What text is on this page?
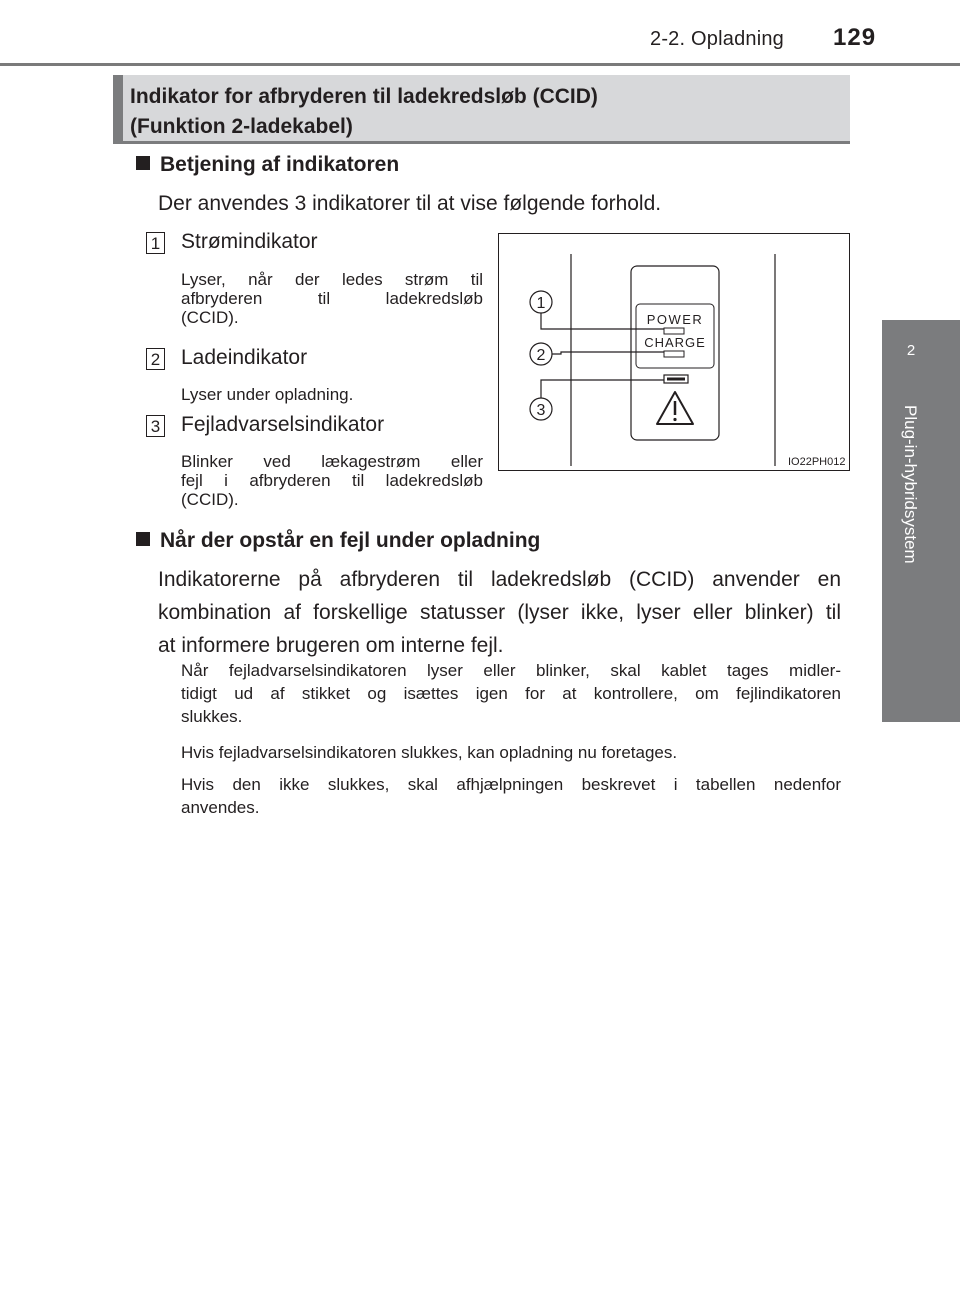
2-2. Opladning 129
2
Plug-in-hybridsystem
Indikator for afbryderen til ladekredsløb (CCID)
(Funktion 2-ladekabel)
Betjening af indikatoren
Der anvendes 3 indikatorer til at vise følgende forhold.
1 Strømindikator
Lyser, når der ledes strøm til
afbryderen til ladekredsløb
(CCID).
2 Ladeindikator
Lyser under opladning.
3 Fejladvarselsindikator
Blinker ved lækagestrøm eller
fejl i afbryderen til ladekredsløb
(CCID).
POWER
CHARGE
1
2
3
IO22PH012
Når der opstår en fejl under opladning
Indikatorerne på afbryderen til ladekredsløb (CCID) anvender en
kombination af forskellige statusser (lyser ikke, lyser eller blinker) til
at informere brugeren om interne fejl.
Når fejladvarselsindikatoren lyser eller blinker, skal kablet tages midler-
tidigt ud af stikket og isættes igen for at kontrollere, om fejlindikatoren
slukkes.
Hvis fejladvarselsindikatoren slukkes, kan opladning nu foretages.
Hvis den ikke slukkes, skal afhjælpningen beskrevet i tabellen nedenfor
anvendes.
